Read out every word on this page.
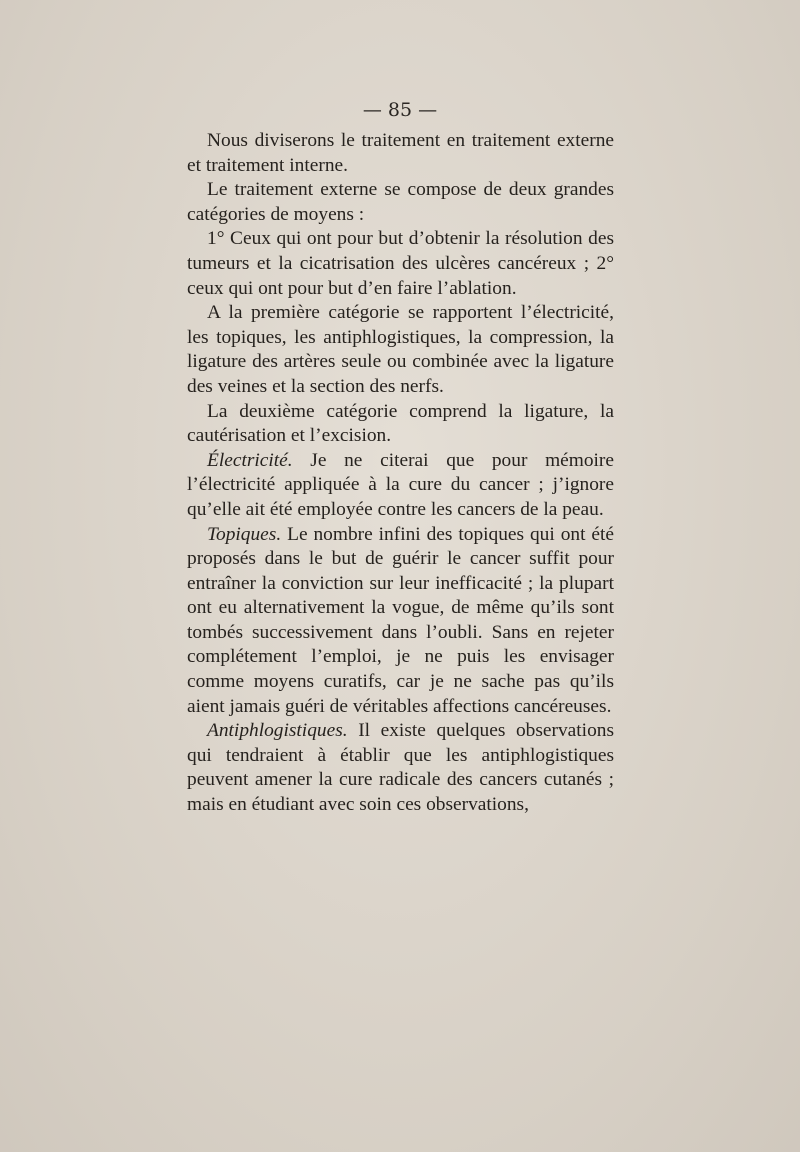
— 85 —

Nous diviserons le traitement en traitement externe et traitement interne.

Le traitement externe se compose de deux grandes catégories de moyens :

1° Ceux qui ont pour but d’obtenir la résolution des tumeurs et la cicatrisation des ulcères cancéreux ; 2° ceux qui ont pour but d’en faire l’ablation.

A la première catégorie se rapportent l’électricité, les topiques, les antiphlogistiques, la compression, la ligature des artères seule ou combinée avec la ligature des veines et la section des nerfs.

La deuxième catégorie comprend la ligature, la cautérisation et l’excision.

Électricité. Je ne citerai que pour mémoire l’électricité appliquée à la cure du cancer ; j’ignore qu’elle ait été employée contre les cancers de la peau.

Topiques. Le nombre infini des topiques qui ont été proposés dans le but de guérir le cancer suffit pour entraîner la conviction sur leur inefficacité ; la plupart ont eu alternativement la vogue, de même qu’ils sont tombés successivement dans l’oubli. Sans en rejeter complétement l’emploi, je ne puis les envisager comme moyens curatifs, car je ne sache pas qu’ils aient jamais guéri de véritables affections cancéreuses.

Antiphlogistiques. Il existe quelques observations qui tendraient à établir que les antiphlogistiques peuvent amener la cure radicale des cancers cutanés ; mais en étudiant avec soin ces observations,
